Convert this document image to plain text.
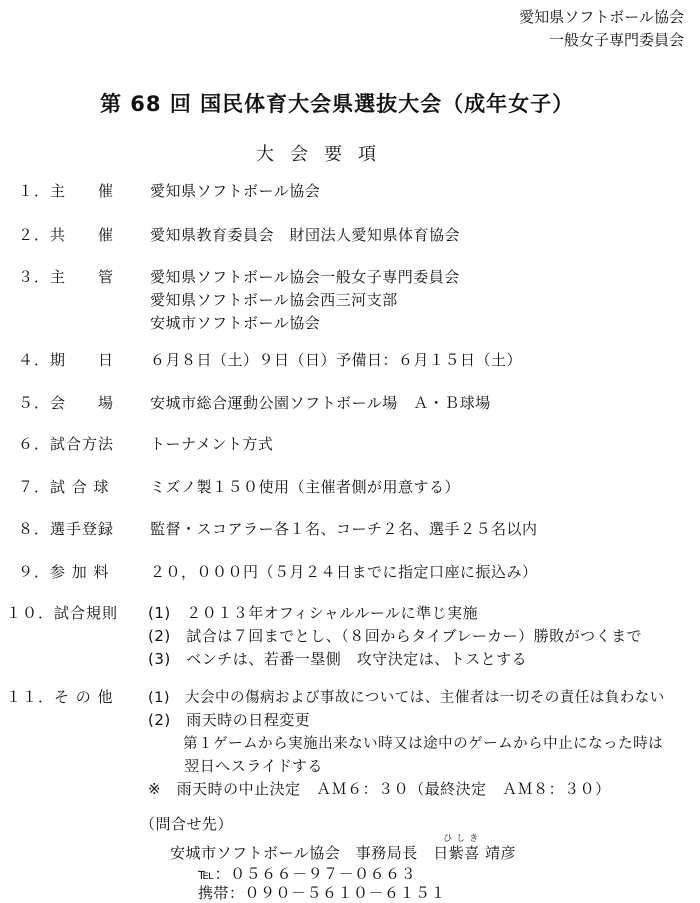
愛知県ソフトボール協会
一般女子専門委員会
第 68 回 国民体育大会県選抜大会（成年女子）
大会要項
１．主　　催 愛知県ソフトボール協会
２．共　　催 愛知県教育委員会　財団法人愛知県体育協会
３．主　　管 愛知県ソフトボール協会一般女子専門委員会
愛知県ソフトボール協会西三河支部
安城市ソフトボール協会
４．期　　日 ６月８日（土）９日（日）予備日：６月１５日（土）
５．会　　場 安城市総合運動公園ソフトボール場　Ａ・Ｂ球場
６．試合方法 トーナメント方式
７．試 合 球	ミズノ製１５０使用（主催者側が用意する）
８．選手登録 監督・スコアラー各１名、コーチ２名、選手２５名以内
９．参 加 料	２０，０００円（５月２４日までに指定口座に振込み）
１０．試合規則 (1)　２０１３年オフィシャルルールに準じ実施
(2)　試合は７回までとし、（８回からタイブレーカー）勝敗がつくまで
(3)　ベンチは、若番一塁側　攻守決定は、トスとする
１１．そ の 他 (1)　大会中の傷病および事故については、主催者は一切その責任は負わない
(2)　雨天時の日程変更
　　 第１ゲームから実施出来ない時又は途中のゲームから中止になった時は
　　 翌日へスライドする
※　雨天時の中止決定　ＡＭ６：３０（最終決定　ＡＭ８：３０）
（問合せ先）
安城市ソフトボール協会　事務局長　
ひしき
日紫喜 靖彦
℡：０５６６－９７－０６６３
携帯：０９０－５６１０－６１５１
